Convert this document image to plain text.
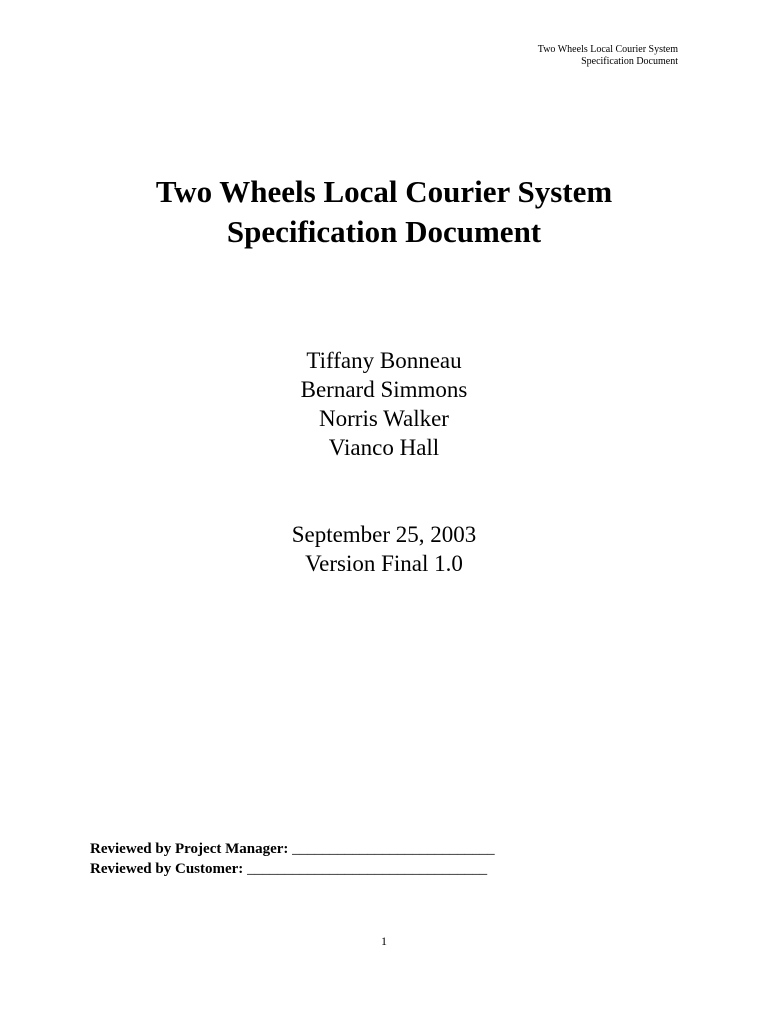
Two Wheels Local Courier System
Specification Document
Two Wheels Local Courier System
Specification Document
Tiffany Bonneau
Bernard Simmons
Norris Walker
Vianco Hall
September 25, 2003
Version Final 1.0
Reviewed by Project Manager: ___________________________
Reviewed by Customer: ________________________________
1
